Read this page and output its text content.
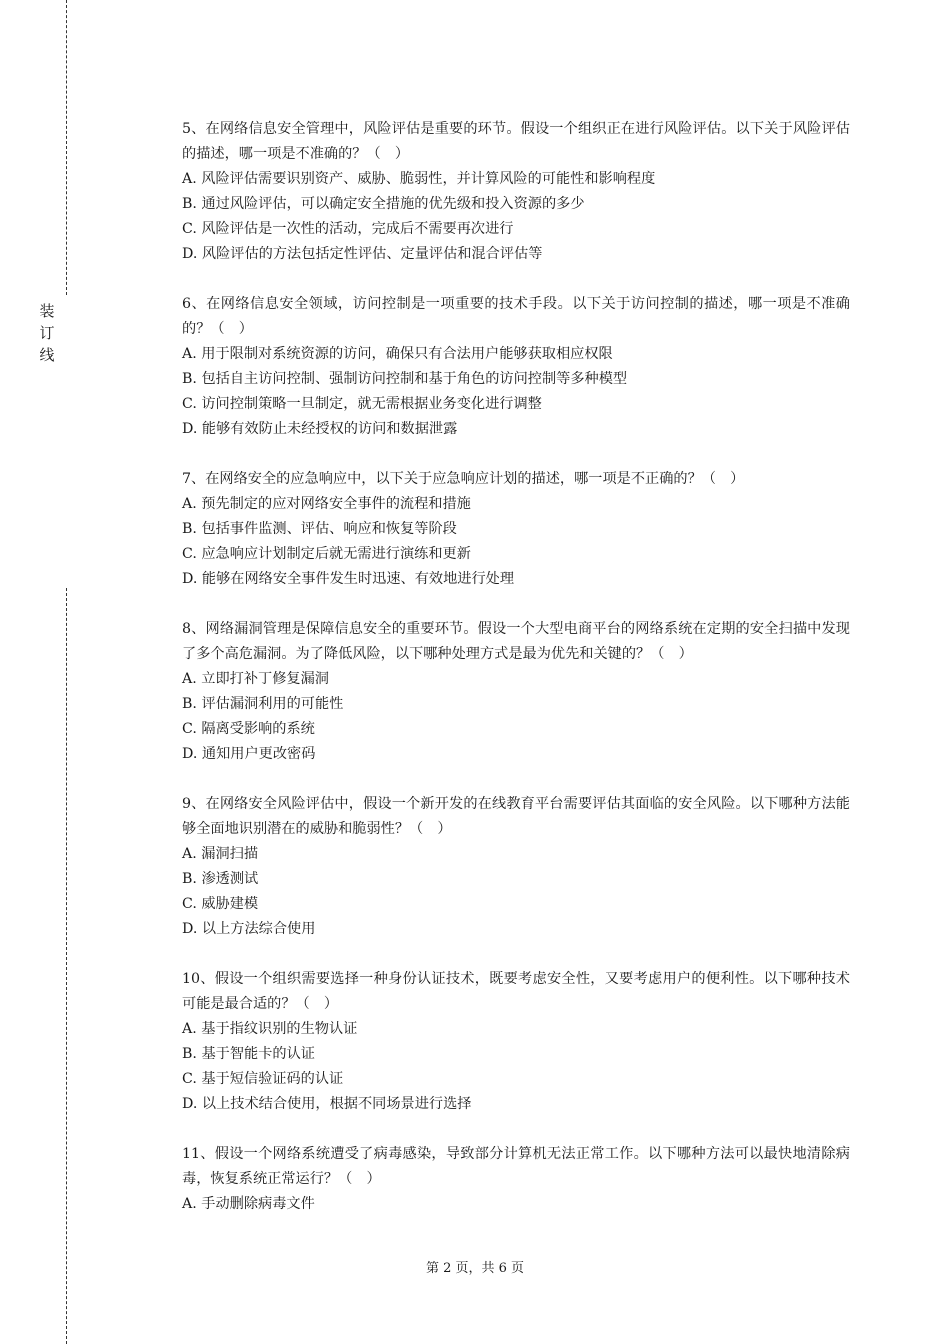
装
订
线
5、在网络信息安全管理中，风险评估是重要的环节。假设一个组织正在进行风险评估。以下关于风险评估的描述，哪一项是不准确的？（　）
A. 风险评估需要识别资产、威胁、脆弱性，并计算风险的可能性和影响程度
B. 通过风险评估，可以确定安全措施的优先级和投入资源的多少
C. 风险评估是一次性的活动，完成后不需要再次进行
D. 风险评估的方法包括定性评估、定量评估和混合评估等
6、在网络信息安全领域，访问控制是一项重要的技术手段。以下关于访问控制的描述，哪一项是不准确的？（　）
A. 用于限制对系统资源的访问，确保只有合法用户能够获取相应权限
B. 包括自主访问控制、强制访问控制和基于角色的访问控制等多种模型
C. 访问控制策略一旦制定，就无需根据业务变化进行调整
D. 能够有效防止未经授权的访问和数据泄露
7、在网络安全的应急响应中，以下关于应急响应计划的描述，哪一项是不正确的？（　）
A. 预先制定的应对网络安全事件的流程和措施
B. 包括事件监测、评估、响应和恢复等阶段
C. 应急响应计划制定后就无需进行演练和更新
D. 能够在网络安全事件发生时迅速、有效地进行处理
8、网络漏洞管理是保障信息安全的重要环节。假设一个大型电商平台的网络系统在定期的安全扫描中发现了多个高危漏洞。为了降低风险，以下哪种处理方式是最为优先和关键的？（　）
A. 立即打补丁修复漏洞
B. 评估漏洞利用的可能性
C. 隔离受影响的系统
D. 通知用户更改密码
9、在网络安全风险评估中，假设一个新开发的在线教育平台需要评估其面临的安全风险。以下哪种方法能够全面地识别潜在的威胁和脆弱性？（　）
A. 漏洞扫描
B. 渗透测试
C. 威胁建模
D. 以上方法综合使用
10、假设一个组织需要选择一种身份认证技术，既要考虑安全性，又要考虑用户的便利性。以下哪种技术可能是最合适的？（　）
A. 基于指纹识别的生物认证
B. 基于智能卡的认证
C. 基于短信验证码的认证
D. 以上技术结合使用，根据不同场景进行选择
11、假设一个网络系统遭受了病毒感染，导致部分计算机无法正常工作。以下哪种方法可以最快地清除病毒，恢复系统正常运行？（　）
A. 手动删除病毒文件
第 2 页，共 6 页
